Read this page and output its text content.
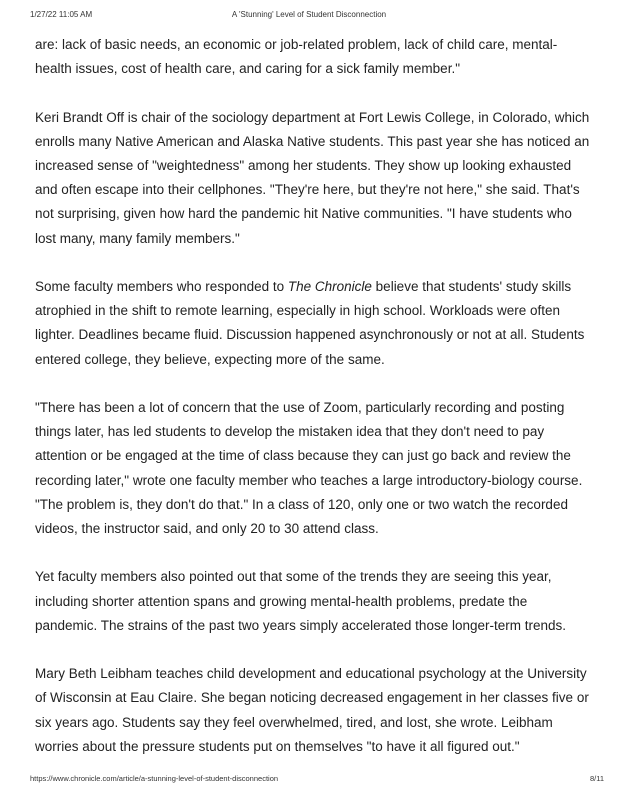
1/27/22 11:05 AM	A 'Stunning' Level of Student Disconnection

are: lack of basic needs, an economic or job-related problem, lack of child care, mental-health issues, cost of health care, and caring for a sick family member."

Keri Brandt Off is chair of the sociology department at Fort Lewis College, in Colorado, which enrolls many Native American and Alaska Native students. This past year she has noticed an increased sense of "weightedness" among her students. They show up looking exhausted and often escape into their cellphones. "They're here, but they're not here," she said. That's not surprising, given how hard the pandemic hit Native communities. "I have students who lost many, many family members."

Some faculty members who responded to The Chronicle believe that students' study skills atrophied in the shift to remote learning, especially in high school. Workloads were often lighter. Deadlines became fluid. Discussion happened asynchronously or not at all. Students entered college, they believe, expecting more of the same.

"There has been a lot of concern that the use of Zoom, particularly recording and posting things later, has led students to develop the mistaken idea that they don't need to pay attention or be engaged at the time of class because they can just go back and review the recording later," wrote one faculty member who teaches a large introductory-biology course. "The problem is, they don't do that." In a class of 120, only one or two watch the recorded videos, the instructor said, and only 20 to 30 attend class.

Yet faculty members also pointed out that some of the trends they are seeing this year, including shorter attention spans and growing mental-health problems, predate the pandemic. The strains of the past two years simply accelerated those longer-term trends.

Mary Beth Leibham teaches child development and educational psychology at the University of Wisconsin at Eau Claire. She began noticing decreased engagement in her classes five or six years ago. Students say they feel overwhelmed, tired, and lost, she wrote. Leibham worries about the pressure students put on themselves "to have it all figured out."

https://www.chronicle.com/article/a-stunning-level-of-student-disconnection	8/11
